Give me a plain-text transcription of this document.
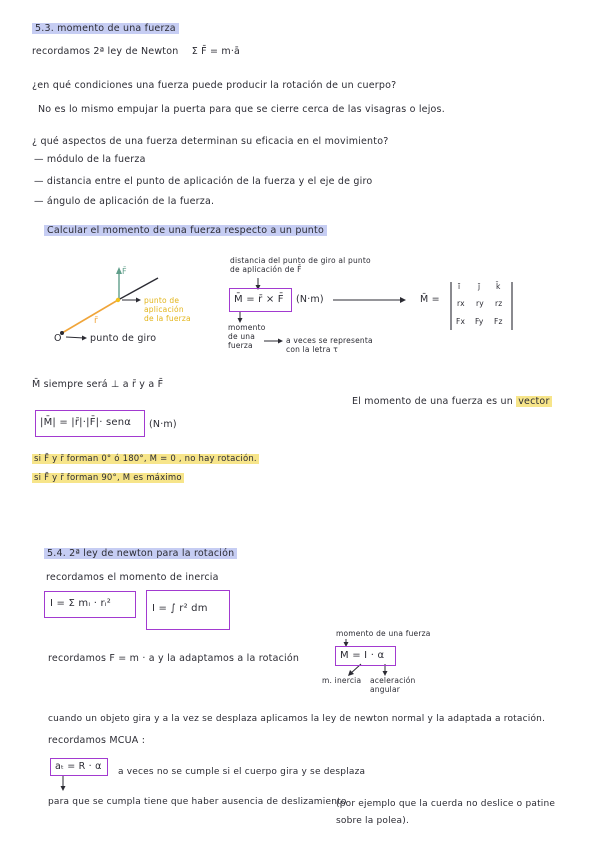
5.3. momento de una fuerza
recordamos 2ª ley de Newton Σ F̄ = m·ā
¿en qué condiciones una fuerza puede producir la rotación de un cuerpo?
No es lo mismo empujar la puerta para que se cierre cerca de las visagras o lejos.
¿ qué aspectos de una fuerza determinan su eficacia en el movimiento?
— módulo de la fuerza
— distancia entre el punto de aplicación de la fuerza y el eje de giro
— ángulo de aplicación de la fuerza.
Calcular el momento de una fuerza respecto a un punto
F̄
r̄
punto de aplicación de la fuerza
O	punto de giro
distancia del punto de giro al punto de aplicación de F̄
M̄ = r̄ × F̄ (N·m)
momento de una fuerza
a veces se representa con la letra τ
M̄ =
ī j̄ k̄
rx ry rz
Fx Fy Fz
M̄ siempre será ⊥ a r̄ y a F̄
El momento de una fuerza es un vector
|M̄| = |r̄|·|F̄|· senα (N·m)
si F̄ y r̄ forman 0° ó 180°, M = 0 , no hay rotación.
si F̄ y r̄ forman 90°, M es máximo
5.4. 2ª ley de newton para la rotación
recordamos el momento de inercia
I = Σ mᵢ · rᵢ²	I = ∫ r² dm
momento de una fuerza
recordamos F = m · a y la adaptamos a la rotación	M = I · α
m. inercia aceleración angular
cuando un objeto gira y a la vez se desplaza aplicamos la ley de newton normal y la adaptada a rotación.
recordamos MCUA :
aₜ = R · α a veces no se cumple si el cuerpo gira y se desplaza
para que se cumpla tiene que haber ausencia de deslizamiento
(por ejemplo que la cuerda no deslice o patine sobre la polea).
